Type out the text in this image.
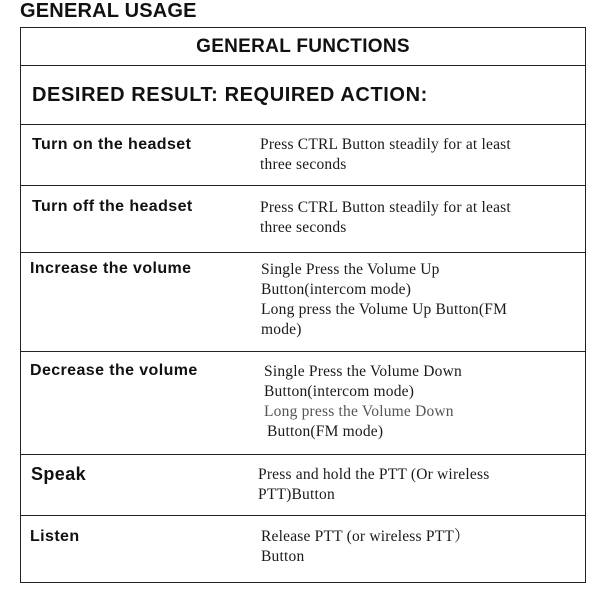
GENERAL USAGE
GENERAL FUNCTIONS
DESIRED RESULT: REQUIRED ACTION:
Turn on the headset	Press CTRL Button steadily for at least
three seconds
Turn off the headset	Press CTRL Button steadily for at least
three seconds
Increase the volume	Single Press the Volume Up
Button(intercom mode)
Long press the Volume Up Button(FM
mode)
Decrease the volume	Single Press the Volume Down
Button(intercom mode)
Long press the Volume Down
Button(FM mode)
Speak	Press and hold the PTT (Or wireless
PTT)Button
Listen	Release PTT (or wireless PTT）
Button
